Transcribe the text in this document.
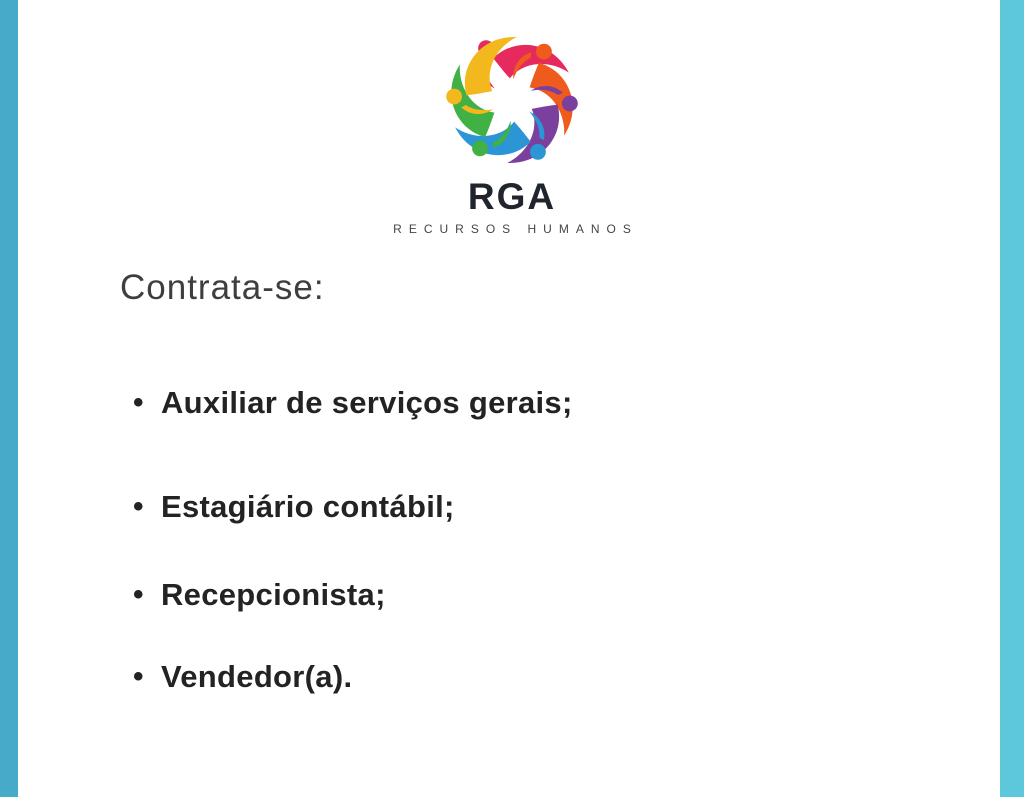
RGA
RECURSOS HUMANOS
Contrata-se:
• Auxiliar de serviços gerais;
• Estagiário contábil;
• Recepcionista;
• Vendedor(a).
